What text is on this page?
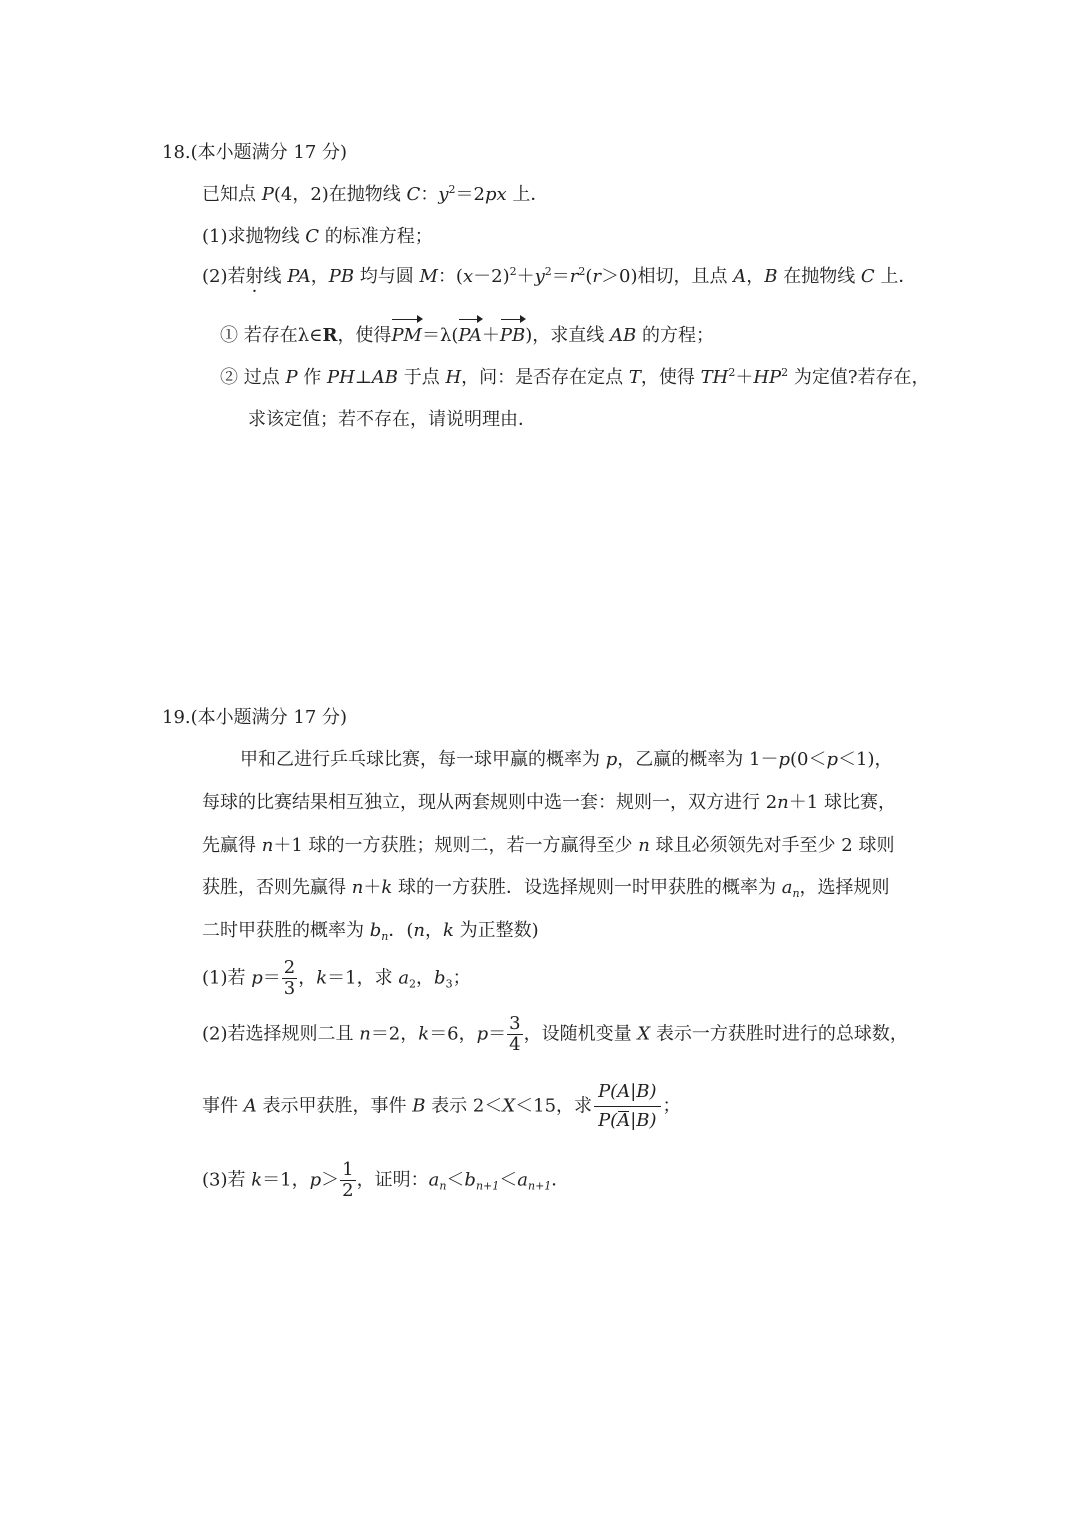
18.(本小题满分 17 分)
已知点 P(4，2)在抛物线 C：$y^2=2px$ 上．
(1)求抛物线 C 的标准方程；
(2)若射线 PA，PB 均与圆 M：$(x-2)^2+y^2=r^2(r>0)$相切，且点 A，B 在抛物线 C 上．
① 若存在λ∈R，使得PM＝λ(PA＋PB)，求直线 AB 的方程；
② 过点 P 作 PH⊥AB 于点 H，问：是否存在定点 T，使得 $TH^2+HP^2$ 为定值?若存在，
求该定值；若不存在，请说明理由．
19.(本小题满分 17 分)
甲和乙进行乒乓球比赛，每一球甲赢的概率为 p，乙赢的概率为 1－p(0＜p＜1)，
每球的比赛结果相互独立，现从两套规则中选一套：规则一，双方进行 2n＋1 球比赛，
先赢得 n＋1 球的一方获胜；规则二，若一方赢得至少 n 球且必须领先对手至少 2 球则
获胜，否则先赢得 n＋k 球的一方获胜．设选择规则一时甲获胜的概率为 $a_n$，选择规则
二时甲获胜的概率为 $b_n$．(n，k 为正整数)
(1)若 $p= \frac{2}{3}$ ，k＝1，求 $a_2$，$b_3$；
(2)若选择规则二且 n＝2，k＝6，$p= \frac{3}{4}$ ，设随机变量 X 表示一方获胜时进行的总球数，
事件 A 表示甲获胜，事件 B 表示 2＜X＜15，求 $\frac{P(A|B)}{P(A|B)}$ ；
(3)若 k＝1，$p> \frac{1}{2}$ ，证明：$a_n<b_{n+1}<a_{n+1}$．
